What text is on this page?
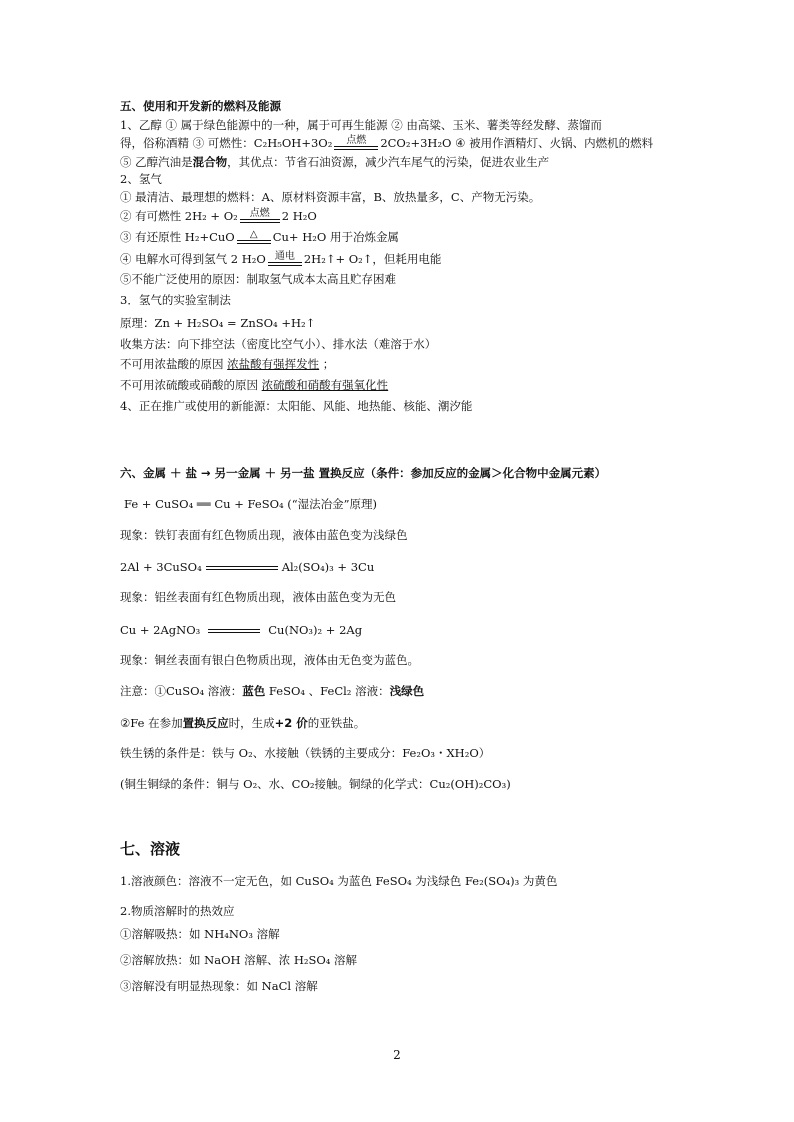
五、使用和开发新的燃料及能源
1、乙醇 ① 属于绿色能源中的一种，属于可再生能源 ② 由高粱、玉米、薯类等经发酵、蒸馏而
得，俗称酒精 ③ 可燃性：C₂H₅OH+3O₂	点燃	2CO₂+3H₂O ④ 被用作酒精灯、火锅、内燃机的燃料
⑤ 乙醇汽油是混合物，其优点：节省石油资源，减少汽车尾气的污染，促进农业生产
2、氢气
① 最清洁、最理想的燃料：A、原材料资源丰富，B、放热量多，C、产物无污染。
② 有可燃性 2H₂ + O₂	点燃	2 H₂O
③ 有还原性 H₂+CuO	△	Cu+ H₂O 用于冶炼金属
④ 电解水可得到氢气 2 H₂O 通电 2H₂↑+ O₂↑，但耗用电能
⑤不能广泛使用的原因：制取氢气成本太高且贮存困难
3．氢气的实验室制法
原理：Zn + H₂SO₄ = ZnSO₄ +H₂↑
收集方法：向下排空法（密度比空气小）、排水法（难溶于水）
不可用浓盐酸的原因 浓盐酸有强挥发性 ；
不可用浓硫酸或硝酸的原因 浓硫酸和硝酸有强氧化性
4、正在推广或使用的新能源：太阳能、风能、地热能、核能、潮汐能
六、金属 ＋ 盐 → 另一金属 ＋ 另一盐 置换反应（条件：参加反应的金属＞化合物中金属元素）
Fe + CuSO₄ ══ Cu + FeSO₄ (“湿法冶金”原理)
现象：铁钉表面有红色物质出现，液体由蓝色变为浅绿色
2Al + 3CuSO₄	Al₂(SO₄)₃ + 3Cu
现象：铝丝表面有红色物质出现，液体由蓝色变为无色
Cu + 2AgNO₃	Cu(NO₃)₂ + 2Ag
现象：铜丝表面有银白色物质出现，液体由无色变为蓝色。
注意：①CuSO₄ 溶液：蓝色 FeSO₄ 、FeCl₂ 溶液：浅绿色
②Fe 在参加置换反应时，生成+2 价的亚铁盐。
铁生锈的条件是：铁与 O₂、水接触（铁锈的主要成分：Fe₂O₃・XH₂O）
(铜生铜绿的条件：铜与 O₂、水、CO₂接触。铜绿的化学式：Cu₂(OH)₂CO₃)
七、溶液
1.溶液颜色：溶液不一定无色，如 CuSO₄ 为蓝色 FeSO₄ 为浅绿色 Fe₂(SO₄)₃ 为黄色
2.物质溶解时的热效应
①溶解吸热：如 NH₄NO₃ 溶解
②溶解放热：如 NaOH 溶解、浓 H₂SO₄ 溶解
③溶解没有明显热现象：如 NaCl 溶解
2
